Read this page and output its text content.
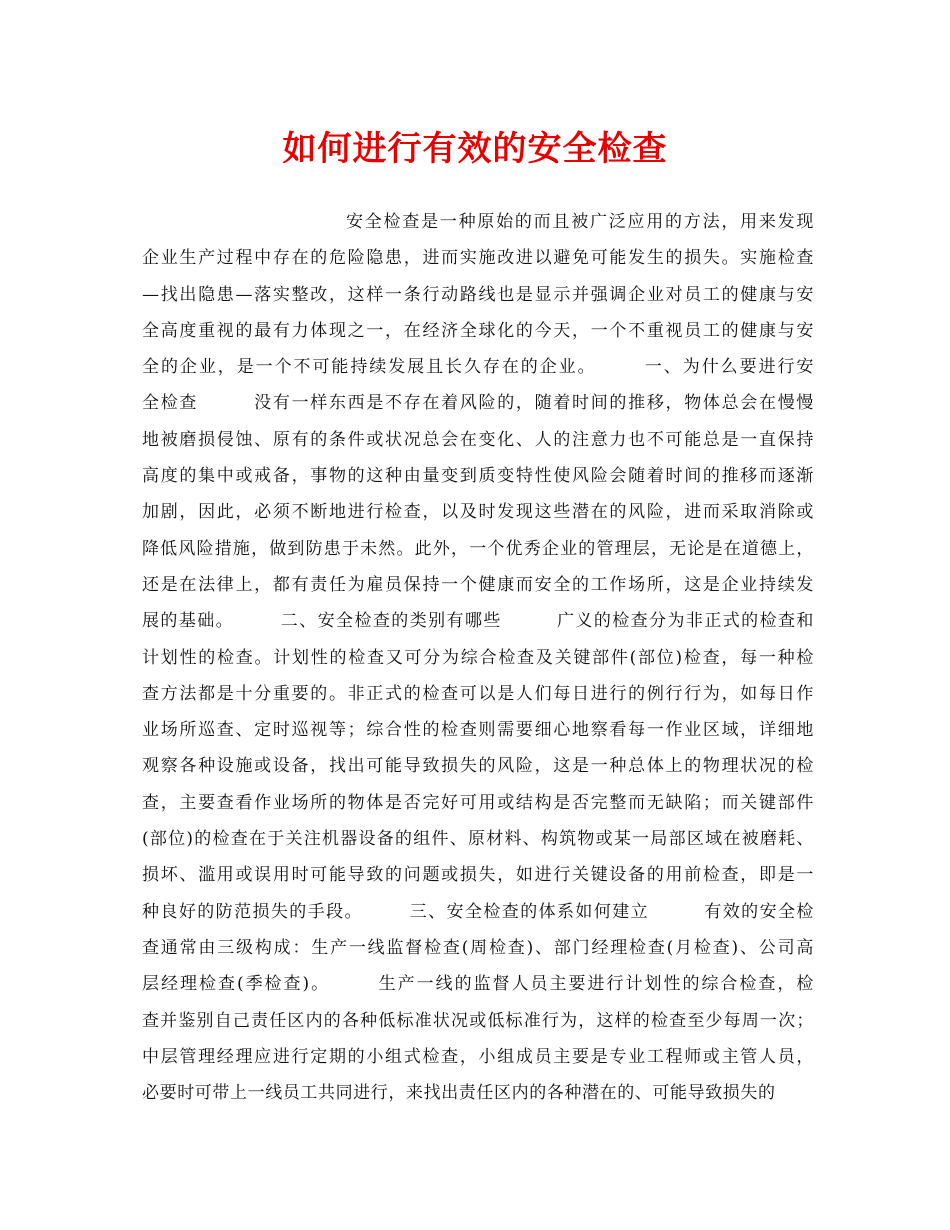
如何进行有效的安全检查
安全检查是一种原始的而且被广泛应用的方法，用来发现
企业生产过程中存在的危险隐患，进而实施改进以避免可能发生的损失。实施检查
—找出隐患—落实整改，这样一条行动路线也是显示并强调企业对员工的健康与安
全高度重视的最有力体现之一，在经济全球化的今天，一个不重视员工的健康与安
全的企业，是一个不可能持续发展且长久存在的企业。　　　一、为什么要进行安
全检查　　　没有一样东西是不存在着风险的，随着时间的推移，物体总会在慢慢
地被磨损侵蚀、原有的条件或状况总会在变化、人的注意力也不可能总是一直保持
高度的集中或戒备，事物的这种由量变到质变特性使风险会随着时间的推移而逐渐
加剧，因此，必须不断地进行检查，以及时发现这些潜在的风险，进而采取消除或
降低风险措施，做到防患于未然。此外，一个优秀企业的管理层，无论是在道德上，
还是在法律上，都有责任为雇员保持一个健康而安全的工作场所，这是企业持续发
展的基础。　　　二、安全检查的类别有哪些　　　广义的检查分为非正式的检查和
计划性的检查。计划性的检查又可分为综合检查及关键部件(部位)检查，每一种检
查方法都是十分重要的。非正式的检查可以是人们每日进行的例行行为，如每日作
业场所巡查、定时巡视等；综合性的检查则需要细心地察看每一作业区域，详细地
观察各种设施或设备，找出可能导致损失的风险，这是一种总体上的物理状况的检
查，主要查看作业场所的物体是否完好可用或结构是否完整而无缺陷；而关键部件
(部位)的检查在于关注机器设备的组件、原材料、构筑物或某一局部区域在被磨耗、
损坏、滥用或误用时可能导致的问题或损失，如进行关键设备的用前检查，即是一
种良好的防范损失的手段。　　　三、安全检查的体系如何建立　　　有效的安全检
查通常由三级构成：生产一线监督检查(周检查)、部门经理检查(月检查)、公司高
层经理检查(季检查)。　　　生产一线的监督人员主要进行计划性的综合检查，检
查并鉴别自己责任区内的各种低标准状况或低标准行为，这样的检查至少每周一次；
中层管理经理应进行定期的小组式检查，小组成员主要是专业工程师或主管人员，
必要时可带上一线员工共同进行，来找出责任区内的各种潜在的、可能导致损失的
